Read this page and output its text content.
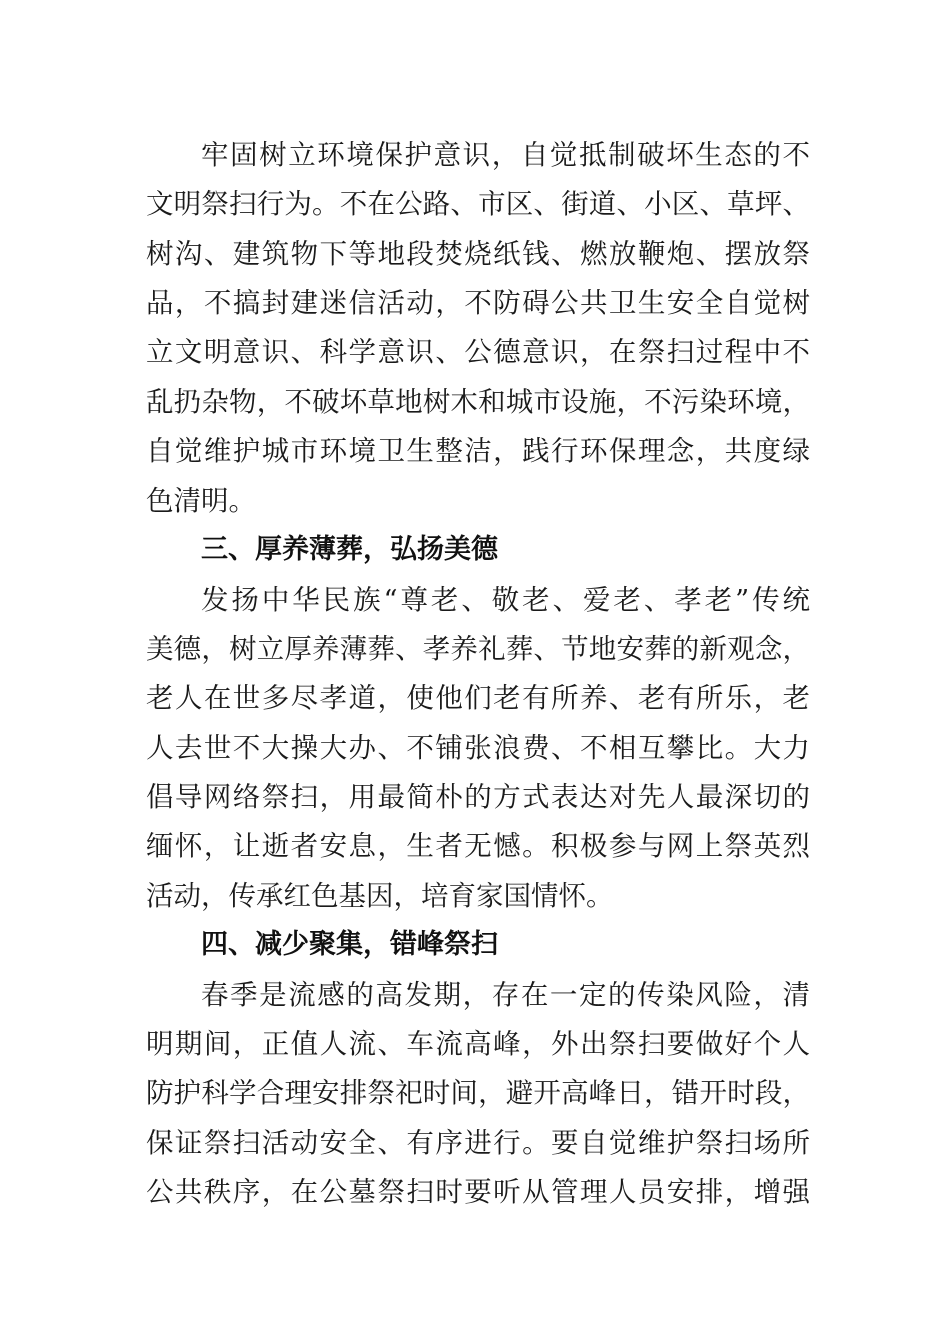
牢固树立环境保护意识，自觉抵制破坏生态的不
文明祭扫行为。不在公路、市区、街道、小区、草坪、
树沟、建筑物下等地段焚烧纸钱、燃放鞭炮、摆放祭
品，不搞封建迷信活动，不防碍公共卫生安全自觉树
立文明意识、科学意识、公德意识，在祭扫过程中不
乱扔杂物，不破坏草地树木和城市设施，不污染环境，
自觉维护城市环境卫生整洁，践行环保理念，共度绿
色清明。
三、厚养薄葬，弘扬美德
发扬中华民族“尊老、敬老、爱老、孝老”传统
美德，树立厚养薄葬、孝养礼葬、节地安葬的新观念，
老人在世多尽孝道，使他们老有所养、老有所乐，老
人去世不大操大办、不铺张浪费、不相互攀比。大力
倡导网络祭扫，用最简朴的方式表达对先人最深切的
缅怀，让逝者安息，生者无憾。积极参与网上祭英烈
活动，传承红色基因，培育家国情怀。
四、减少聚集，错峰祭扫
春季是流感的高发期，存在一定的传染风险，清
明期间，正值人流、车流高峰，外出祭扫要做好个人
防护科学合理安排祭祀时间，避开高峰日，错开时段，
保证祭扫活动安全、有序进行。要自觉维护祭扫场所
公共秩序，在公墓祭扫时要听从管理人员安排，增强
